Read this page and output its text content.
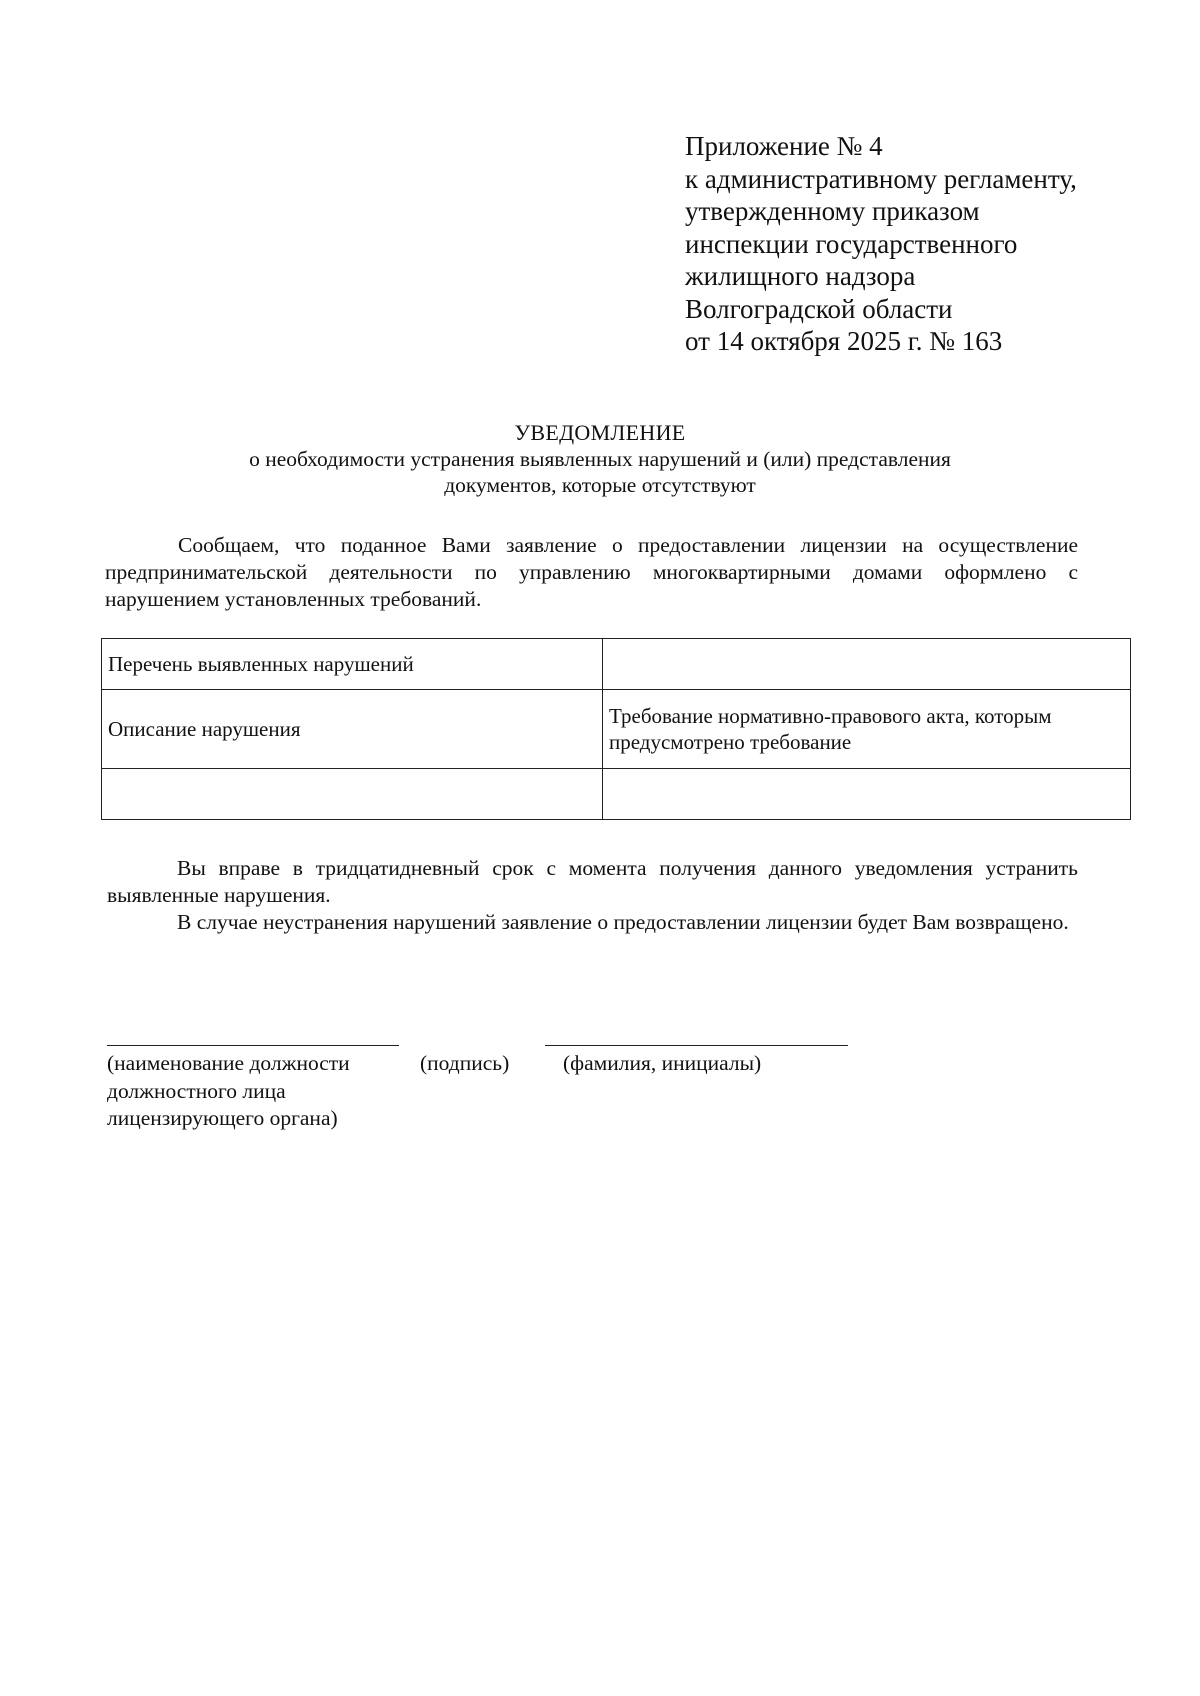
Приложение № 4
к административному регламенту,
утвержденному приказом
инспекции государственного
жилищного надзора
Волгоградской области
от 14 октября 2025 г. № 163
УВЕДОМЛЕНИЕ
о необходимости устранения выявленных нарушений и (или) представления
документов, которые отсутствуют

Сообщаем, что поданное Вами заявление о предоставлении лицензии на осуществление предпринимательской деятельности по управлению многоквартирными домами оформлено с нарушением установленных требований.

Перечень выявленных нарушений	
Описание нарушения	Требование нормативно-правового акта, которым предусмотрено требование

Вы вправе в тридцатидневный срок с момента получения данного уведомления устранить выявленные нарушения.

В случае неустранения нарушений заявление о предоставлении лицензии будет Вам возвращено.

(наименование должности
должностного лица
лицензирующего органа)
(подпись) (фамилия, инициалы)
